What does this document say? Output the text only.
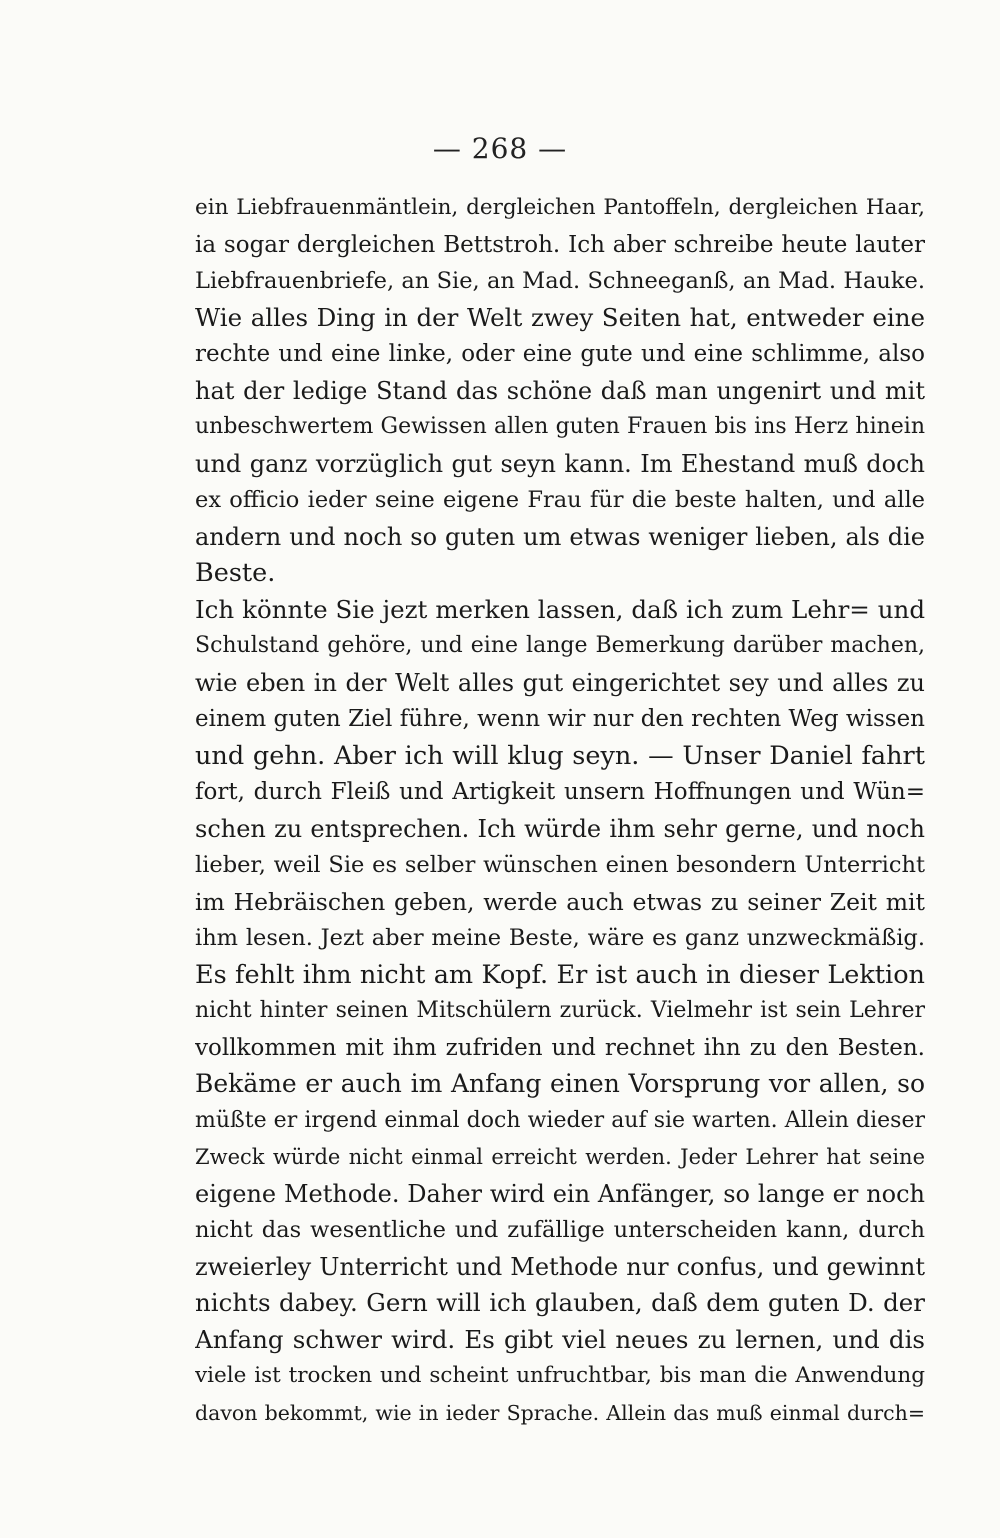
— 268 —
ein Liebfrauenmäntlein, dergleichen Pantoffeln, dergleichen Haar,
ia sogar dergleichen Bettstroh. Ich aber schreibe heute lauter
Liebfrauenbriefe, an Sie, an Mad. Schneeganß, an Mad. Hauke.
Wie alles Ding in der Welt zwey Seiten hat, entweder eine
rechte und eine linke, oder eine gute und eine schlimme, also
hat der ledige Stand das schöne daß man ungenirt und mit
unbeschwertem Gewissen allen guten Frauen bis ins Herz hinein
und ganz vorzüglich gut seyn kann. Im Ehestand muß doch
ex officio ieder seine eigene Frau für die beste halten, und alle
andern und noch so guten um etwas weniger lieben, als die
Beste.
Ich könnte Sie jezt merken lassen, daß ich zum Lehr= und
Schulstand gehöre, und eine lange Bemerkung darüber machen,
wie eben in der Welt alles gut eingerichtet sey und alles zu
einem guten Ziel führe, wenn wir nur den rechten Weg wissen
und gehn. Aber ich will klug seyn. — Unser Daniel fahrt
fort, durch Fleiß und Artigkeit unsern Hoffnungen und Wün=
schen zu entsprechen. Ich würde ihm sehr gerne, und noch
lieber, weil Sie es selber wünschen einen besondern Unterricht
im Hebräischen geben, werde auch etwas zu seiner Zeit mit
ihm lesen. Jezt aber meine Beste, wäre es ganz unzweckmäßig.
Es fehlt ihm nicht am Kopf. Er ist auch in dieser Lektion
nicht hinter seinen Mitschülern zurück. Vielmehr ist sein Lehrer
vollkommen mit ihm zufriden und rechnet ihn zu den Besten.
Bekäme er auch im Anfang einen Vorsprung vor allen, so
müßte er irgend einmal doch wieder auf sie warten. Allein dieser
Zweck würde nicht einmal erreicht werden. Jeder Lehrer hat seine
eigene Methode. Daher wird ein Anfänger, so lange er noch
nicht das wesentliche und zufällige unterscheiden kann, durch
zweierley Unterricht und Methode nur confus, und gewinnt
nichts dabey. Gern will ich glauben, daß dem guten D. der
Anfang schwer wird. Es gibt viel neues zu lernen, und dis
viele ist trocken und scheint unfruchtbar, bis man die Anwendung
davon bekommt, wie in ieder Sprache. Allein das muß einmal durch=
